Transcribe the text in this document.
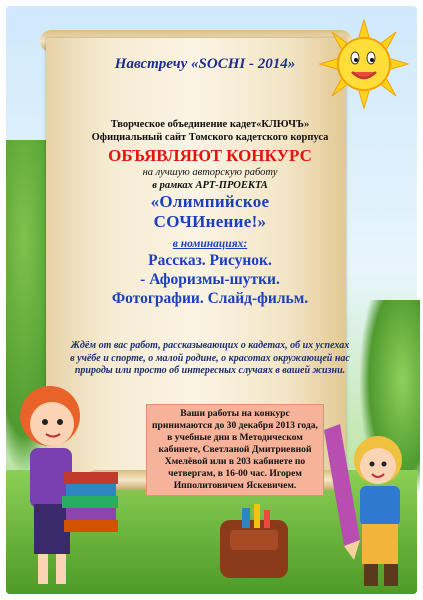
Навстречу «SOCHI - 2014»
Творческое объединение кадет«КЛЮЧЪ»
Официальный сайт Томского кадетского корпуса
ОБЪЯВЛЯЮТ КОНКУРС
на лучшую авторскую работу
в рамках АРТ-ПРОЕКТА
«Олимпийское
СОЧИнение!»
в номинациях:
Рассказ. Рисунок.
- Афоризмы-шутки.
Фотографии. Слайд-фильм.
Ждём от вас работ, рассказывающих о кадетах, об их успехах в учёбе и спорте, о малой родине, о красотах окружающей нас природы или просто об интересных случаях в вашей жизни.
Ваши работы на конкурс принимаются до 30 декабря 2013 года, в учебные дни в Методическом кабинете, Светланой Дмитриевной Хмелёвой или в 203 кабинете по четвергам, в 16-00 час. Игорем Ипполитовичем Яскевичем.
